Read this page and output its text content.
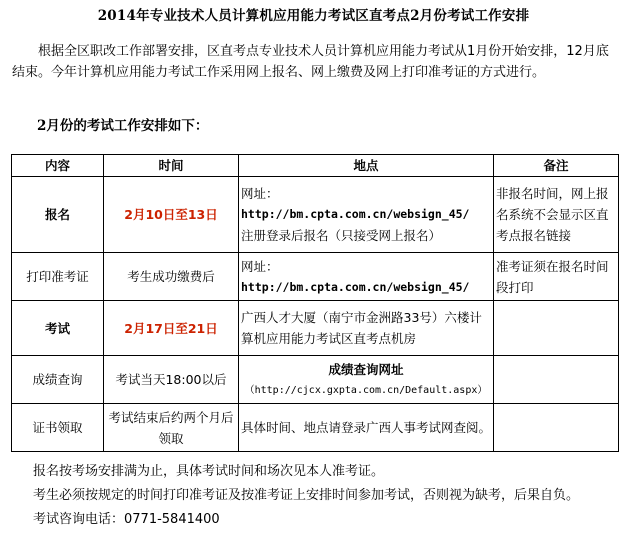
2014年专业技术人员计算机应用能力考试区直考点2月份考试工作安排
根据全区职改工作部署安排，区直考点专业技术人员计算机应用能力考试从1月份开始安排，12月底结束。今年计算机应用能力考试工作采用网上报名、网上缴费及网上打印准考证的方式进行。
2月份的考试工作安排如下：
内容	时间	地点	备注
报名	2月10日至13日	网址：
http://bm.cpta.com.cn/websign_45/
注册登录后报名（只接受网上报名）	非报名时间，网上报名系统不会显示区直考点报名链接
打印准考证	考生成功缴费后	网址：
http://bm.cpta.com.cn/websign_45/	准考证须在报名时间段打印
考试	2月17日至21日	广西人才大厦（南宁市金洲路33号）六楼计算机应用能力考试区直考点机房	
成绩查询	考试当天18:00以后	成绩查询网址
（http://cjcx.gxpta.com.cn/Default.aspx）	

证书领取	考试结束后约两个月后领取	具体时间、地点请登录广西人事考试网查阅。	
报名按考场安排满为止，具体考试时间和场次见本人准考证。
考生必须按规定的时间打印准考证及按准考证上安排时间参加考试，否则视为缺考，后果自负。
考试咨询电话：0771-5841400
